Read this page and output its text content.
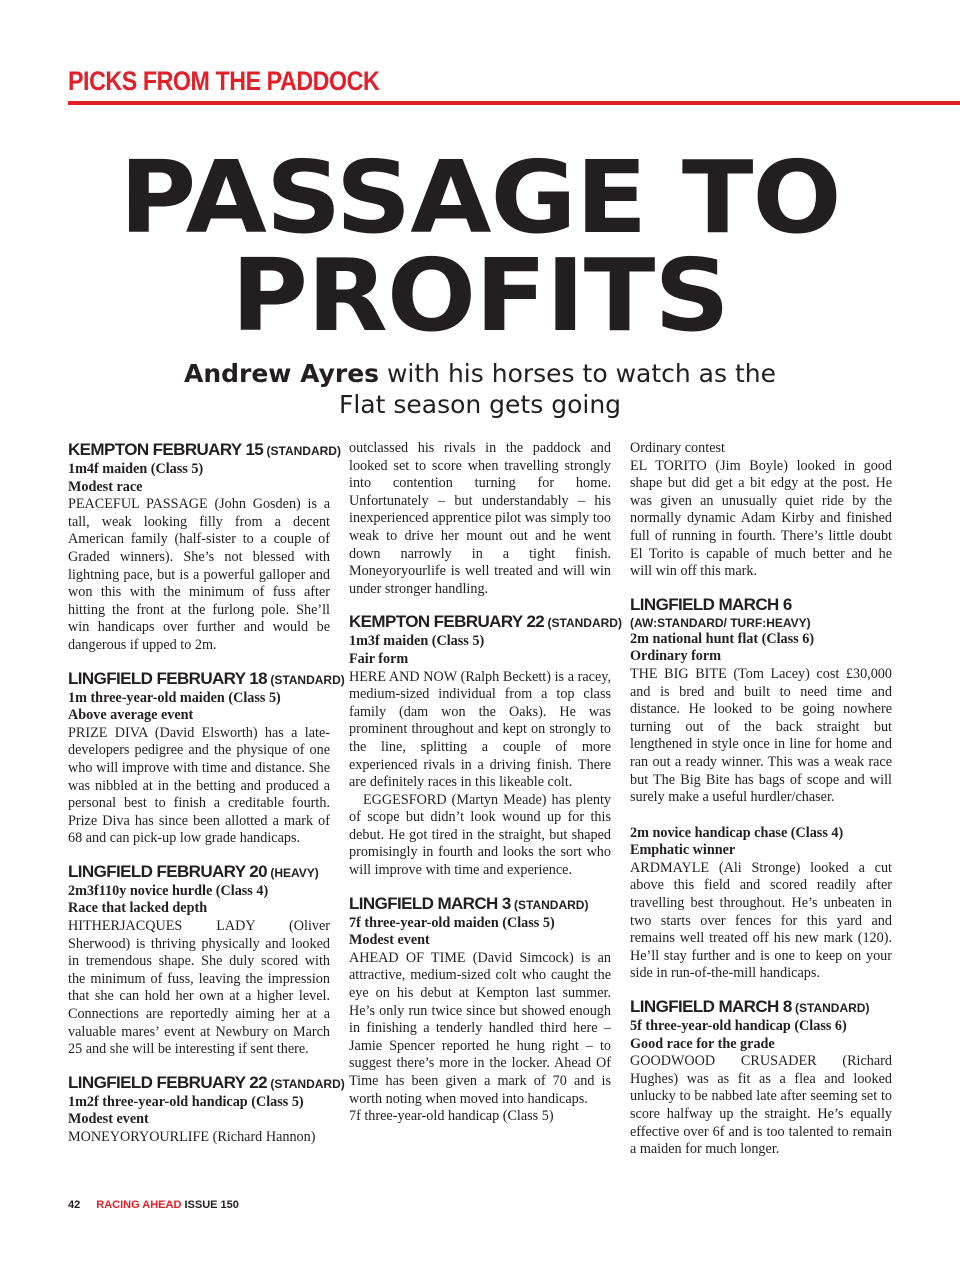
PICKS FROM THE PADDOCK
PASSAGE TO
PROFITS
Andrew Ayres with his horses to watch as the
Flat season gets going
KEMPTON FEBRUARY 15 (STANDARD)

1m4f maiden (Class 5)

Modest race

PEACEFUL PASSAGE (John Gosden) is a tall, weak looking filly from a decent American family (half-sister to a couple of Graded winners). She’s not blessed with lightning pace, but is a powerful galloper and won this with the minimum of fuss after hitting the front at the furlong pole. She’ll win handicaps over further and would be dangerous if upped to 2m.

LINGFIELD FEBRUARY 18 (STANDARD)

1m three-year-old maiden (Class 5)

Above average event

PRIZE DIVA (David Elsworth) has a late-developers pedigree and the physique of one who will improve with time and distance. She was nibbled at in the betting and produced a personal best to finish a creditable fourth. Prize Diva has since been allotted a mark of 68 and can pick-up low grade handicaps.

LINGFIELD FEBRUARY 20 (HEAVY)

2m3f110y novice hurdle (Class 4)

Race that lacked depth

HITHERJACQUES LADY (Oliver Sherwood) is thriving physically and looked in tremendous shape. She duly scored with the minimum of fuss, leaving the impression that she can hold her own at a higher level. Connections are reportedly aiming her at a valuable mares’ event at Newbury on March 25 and she will be interesting if sent there.

LINGFIELD FEBRUARY 22 (STANDARD)

1m2f three-year-old handicap (Class 5)

Modest event

MONEYORYOURLIFE (Richard Hannon)

outclassed his rivals in the paddock and looked set to score when travelling strongly into contention turning for home. Unfortunately – but understandably – his inexperienced apprentice pilot was simply too weak to drive her mount out and he went down narrowly in a tight finish. Moneyoryourlife is well treated and will win under stronger handling.

KEMPTON FEBRUARY 22 (STANDARD)

1m3f maiden (Class 5)

Fair form

HERE AND NOW (Ralph Beckett) is a racey, medium-sized individual from a top class family (dam won the Oaks). He was prominent throughout and kept on strongly to the line, splitting a couple of more experienced rivals in a driving finish. There are definitely races in this likeable colt.

EGGESFORD (Martyn Meade) has plenty of scope but didn’t look wound up for this debut. He got tired in the straight, but shaped promisingly in fourth and looks the sort who will improve with time and experience.

LINGFIELD MARCH 3 (STANDARD)

7f three-year-old maiden (Class 5)

Modest event

AHEAD OF TIME (David Simcock) is an attractive, medium-sized colt who caught the eye on his debut at Kempton last summer. He’s only run twice since but showed enough in finishing a tenderly handled third here – Jamie Spencer reported he hung right – to suggest there’s more in the locker. Ahead Of Time has been given a mark of 70 and is worth noting when moved into handicaps.

7f three-year-old handicap (Class 5)

Ordinary contest

EL TORITO (Jim Boyle) looked in good shape but did get a bit edgy at the post. He was given an unusually quiet ride by the normally dynamic Adam Kirby and finished full of running in fourth. There’s little doubt El Torito is capable of much better and he will win off this mark.

LINGFIELD MARCH 6
(AW:STANDARD/ TURF:HEAVY)

2m national hunt flat (Class 6)

Ordinary form

THE BIG BITE (Tom Lacey) cost £30,000 and is bred and built to need time and distance. He looked to be going nowhere turning out of the back straight but lengthened in style once in line for home and ran out a ready winner. This was a weak race but The Big Bite has bags of scope and will surely make a useful hurdler/chaser.

2m novice handicap chase (Class 4)

Emphatic winner

ARDMAYLE (Ali Stronge) looked a cut above this field and scored readily after travelling best throughout. He’s unbeaten in two starts over fences for this yard and remains well treated off his new mark (120). He’ll stay further and is one to keep on your side in run-of-the-mill handicaps.

LINGFIELD MARCH 8 (STANDARD)

5f three-year-old handicap (Class 6)

Good race for the grade

GOODWOOD CRUSADER (Richard Hughes) was as fit as a flea and looked unlucky to be nabbed late after seeming set to score halfway up the straight. He’s equally effective over 6f and is too talented to remain a maiden for much longer.

42 RACING AHEAD ISSUE 150
